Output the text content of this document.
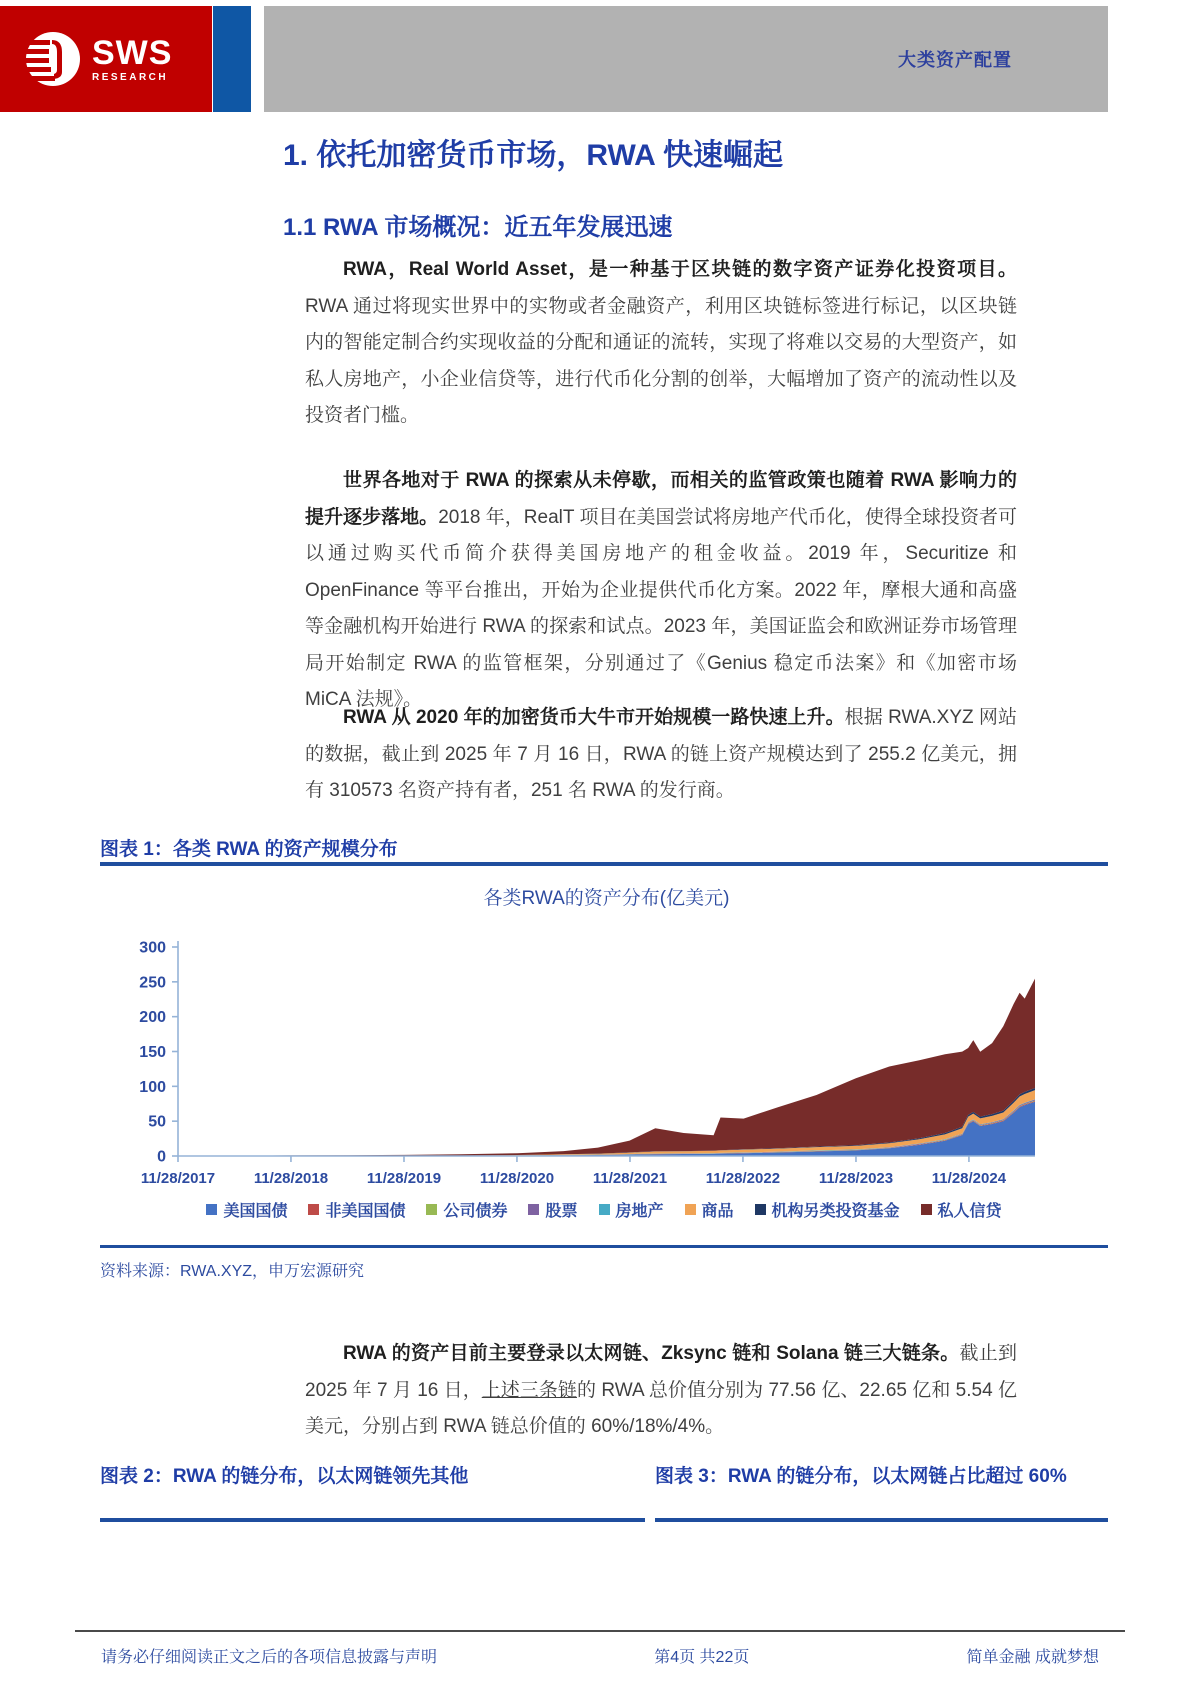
SWS
RESEARCH
大类资产配置
1. 依托加密货币市场，RWA 快速崛起
1.1 RWA 市场概况：近五年发展迅速

RWA，Real World Asset，是一种基于区块链的数字资产证券化投资项目。RWA 通过将现实世界中的实物或者金融资产，利用区块链标签进行标记，以区块链内的智能定制合约实现收益的分配和通证的流转，实现了将难以交易的大型资产，如私人房地产，小企业信贷等，进行代币化分割的创举，大幅增加了资产的流动性以及投资者门槛。

世界各地对于 RWA 的探索从未停歇，而相关的监管政策也随着 RWA 影响力的提升逐步落地。2018 年，RealT 项目在美国尝试将房地产代币化，使得全球投资者可以通过购买代币简介获得美国房地产的租金收益。2019 年，Securitize 和 OpenFinance 等平台推出，开始为企业提供代币化方案。2022 年，摩根大通和高盛等金融机构开始进行 RWA 的探索和试点。2023 年，美国证监会和欧洲证券市场管理局开始制定 RWA 的监管框架，分别通过了《Genius 稳定币法案》和《加密市场 MiCA 法规》。

RWA 从 2020 年的加密货币大牛市开始规模一路快速上升。根据 RWA.XYZ 网站的数据，截止到 2025 年 7 月 16 日，RWA 的链上资产规模达到了 255.2 亿美元，拥有 310573 名资产持有者，251 名 RWA 的发行商。

图表 1：各类 RWA 的资产规模分布
各类RWA的资产分布(亿美元)
0
50
100
150
200
250
300
11/28/2017	11/28/2018	11/28/2019	11/28/2020	11/28/2021	11/28/2022	11/28/2023	11/28/2024
美国国债 非美国国债 公司债券 股票 房地产 商品 机构另类投资基金 私人信贷
资料来源：RWA.XYZ，申万宏源研究

RWA 的资产目前主要登录以太网链、Zksync 链和 Solana 链三大链条。截止到 2025 年 7 月 16 日，上述三条链的 RWA 总价值分别为 77.56 亿、22.65 亿和 5.54 亿美元，分别占到 RWA 链总价值的 60%/18%/4%。

图表 2：RWA 的链分布，以太网链领先其他	图表 3：RWA 的链分布，以太网链占比超过 60%
请务必仔细阅读正文之后的各项信息披露与声明	第4页 共22页	简单金融 成就梦想
